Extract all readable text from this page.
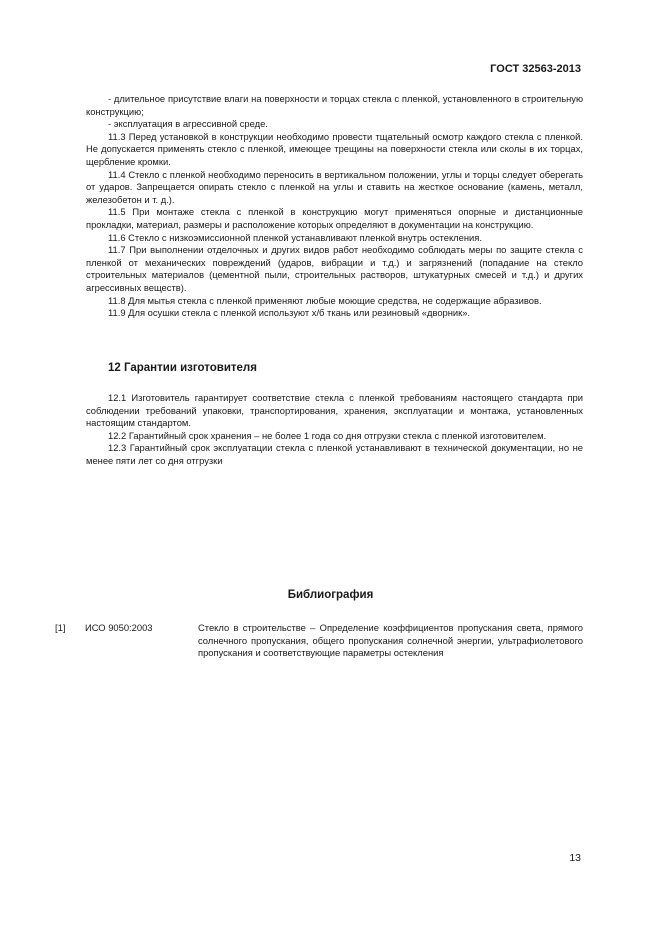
ГОСТ 32563-2013

- длительное присутствие влаги на поверхности и торцах стекла с пленкой, установленного в строительную конструкцию;

- эксплуатация в агрессивной среде.

11.3 Перед установкой в конструкции необходимо провести тщательный осмотр каждого стекла с пленкой. Не допускается применять стекло с пленкой, имеющее трещины на поверхности стекла или сколы в их торцах, щербление кромки.

11.4 Стекло с пленкой необходимо переносить в вертикальном положении, углы и торцы следует оберегать от ударов. Запрещается опирать стекло с пленкой на углы и ставить на жесткое основание (камень, металл, железобетон и т. д.).

11.5 При монтаже стекла с пленкой в конструкцию могут применяться опорные и дистанционные прокладки, материал, размеры и расположение которых определяют в документации на конструкцию.

11.6 Стекло с низкоэмиссионной пленкой устанавливают пленкой внутрь остекления.

11.7 При выполнении отделочных и других видов работ необходимо соблюдать меры по защите стекла с пленкой от механических повреждений (ударов, вибрации и т.д.) и загрязнений (попадание на стекло строительных материалов (цементной пыли, строительных растворов, штукатурных смесей и т.д.) и других агрессивных веществ).

11.8 Для мытья стекла с пленкой применяют любые моющие средства, не содержащие абразивов.

11.9 Для осушки стекла с пленкой используют х/б ткань или резиновый «дворник».

12 Гарантии изготовителя

12.1 Изготовитель гарантирует соответствие стекла с пленкой требованиям настоящего стандарта при соблюдении требований упаковки, транспортирования, хранения, эксплуатации и монтажа, установленных настоящим стандартом.

12.2 Гарантийный срок хранения – не более 1 года со дня отгрузки стекла с пленкой изготовителем.

12.3 Гарантийный срок эксплуатации стекла с пленкой устанавливают в технической документации, но не менее пяти лет со дня отгрузки

Библиография
[1] ИСО 9050:2003	Стекло в строительстве – Определение коэффициентов пропускания света, прямого солнечного пропускания, общего пропускания солнечной энергии, ультрафиолетового пропускания и соответствующие параметры остекления
13
